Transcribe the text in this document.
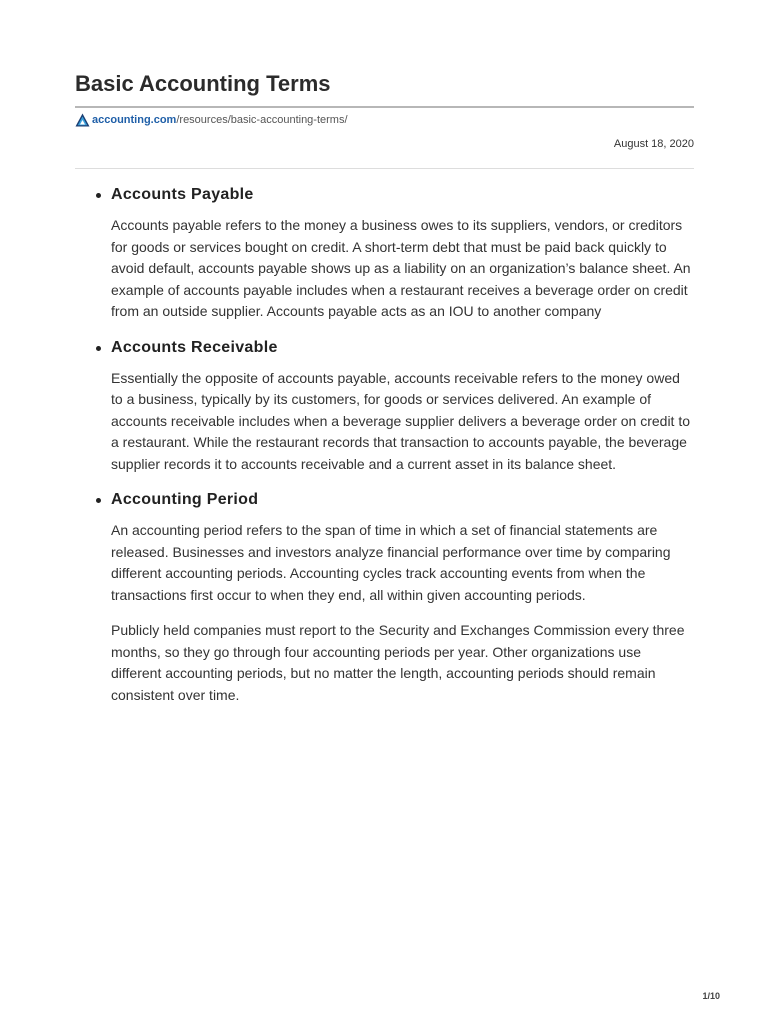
Basic Accounting Terms
accounting.com /resources/basic-accounting-terms/
August 18, 2020
Accounts Payable

Accounts payable refers to the money a business owes to its suppliers, vendors, or creditors for goods or services bought on credit. A short-term debt that must be paid back quickly to avoid default, accounts payable shows up as a liability on an organization’s balance sheet. An example of accounts payable includes when a restaurant receives a beverage order on credit from an outside supplier. Accounts payable acts as an IOU to another company

Accounts Receivable

Essentially the opposite of accounts payable, accounts receivable refers to the money owed to a business, typically by its customers, for goods or services delivered. An example of accounts receivable includes when a beverage supplier delivers a beverage order on credit to a restaurant. While the restaurant records that transaction to accounts payable, the beverage supplier records it to accounts receivable and a current asset in its balance sheet.

Accounting Period

An accounting period refers to the span of time in which a set of financial statements are released. Businesses and investors analyze financial performance over time by comparing different accounting periods. Accounting cycles track accounting events from when the transactions first occur to when they end, all within given accounting periods.

Publicly held companies must report to the Security and Exchanges Commission every three months, so they go through four accounting periods per year. Other organizations use different accounting periods, but no matter the length, accounting periods should remain consistent over time.

1/10
